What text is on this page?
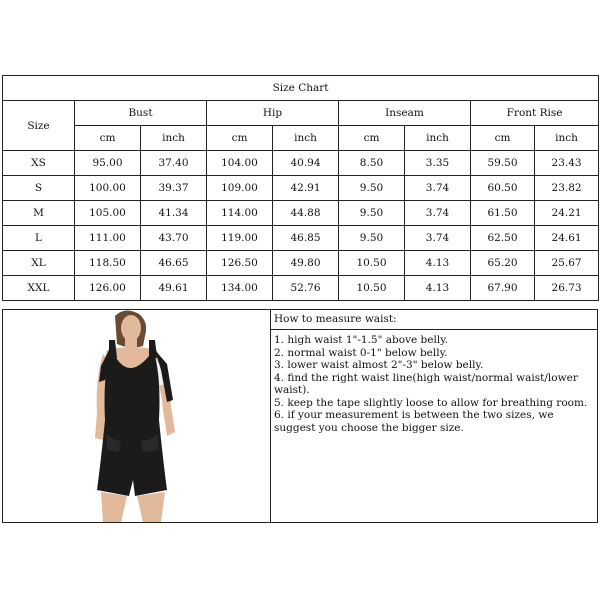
Size Chart								
Size	Bust		Hip		Inseam		Front Rise	
	cm	inch	cm	inch	cm	inch	cm	inch
XS	95.00	37.40	104.00	40.94	8.50	3.35	59.50	23.43
S	100.00	39.37	109.00	42.91	9.50	3.74	60.50	23.82
M	105.00	41.34	114.00	44.88	9.50	3.74	61.50	24.21
L	111.00	43.70	119.00	46.85	9.50	3.74	62.50	24.61
XL	118.50	46.65	126.50	49.80	10.50	4.13	65.20	25.67
XXL	126.00	49.61	134.00	52.76	10.50	4.13	67.90	26.73
How to measure waist:
1. high waist 1"-1.5" above belly.
2. normal waist 0-1" below belly.
3. lower waist almost 2"-3" below belly.
4. find the right waist line(high waist/normal waist/lower waist).
5. keep the tape slightly loose to allow for breathing room.
6. if your measurement is between the two sizes, we suggest you choose the bigger size.
